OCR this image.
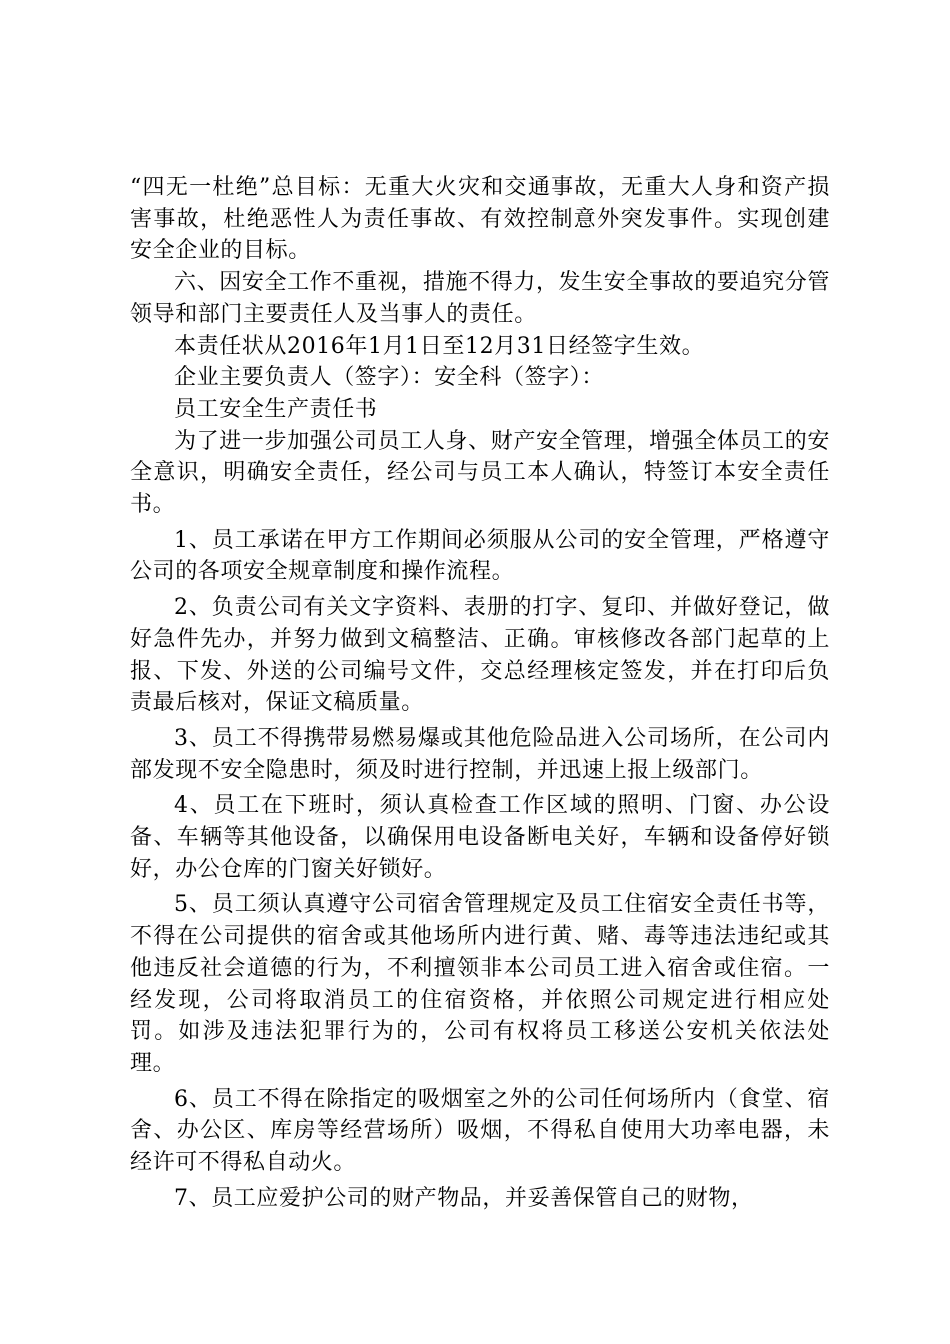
“四无一杜绝”总目标：无重大火灾和交通事故，无重大人身和资产损害事故，杜绝恶性人为责任事故、有效控制意外突发事件。实现创建安全企业的目标。

六、因安全工作不重视，措施不得力，发生安全事故的要追究分管领导和部门主要责任人及当事人的责任。

本责任状从2016年1月1日至12月31日经签字生效。

企业主要负责人（签字）：安全科（签字）：

员工安全生产责任书

为了进一步加强公司员工人身、财产安全管理，增强全体员工的安全意识，明确安全责任，经公司与员工本人确认，特签订本安全责任书。

1、员工承诺在甲方工作期间必须服从公司的安全管理，严格遵守公司的各项安全规章制度和操作流程。

2、负责公司有关文字资料、表册的打字、复印、并做好登记，做好急件先办，并努力做到文稿整洁、正确。审核修改各部门起草的上报、下发、外送的公司编号文件，交总经理核定签发，并在打印后负责最后核对，保证文稿质量。

3、员工不得携带易燃易爆或其他危险品进入公司场所，在公司内部发现不安全隐患时，须及时进行控制，并迅速上报上级部门。

4、员工在下班时，须认真检查工作区域的照明、门窗、办公设备、车辆等其他设备，以确保用电设备断电关好，车辆和设备停好锁好，办公仓库的门窗关好锁好。

5、员工须认真遵守公司宿舍管理规定及员工住宿安全责任书等，不得在公司提供的宿舍或其他场所内进行黄、赌、毒等违法违纪或其他违反社会道德的行为，不利擅领非本公司员工进入宿舍或住宿。一经发现，公司将取消员工的住宿资格，并依照公司规定进行相应处罚。如涉及违法犯罪行为的，公司有权将员工移送公安机关依法处理。

6、员工不得在除指定的吸烟室之外的公司任何场所内（食堂、宿舍、办公区、库房等经营场所）吸烟，不得私自使用大功率电器，未经许可不得私自动火。

7、员工应爱护公司的财产物品，并妥善保管自己的财物，
